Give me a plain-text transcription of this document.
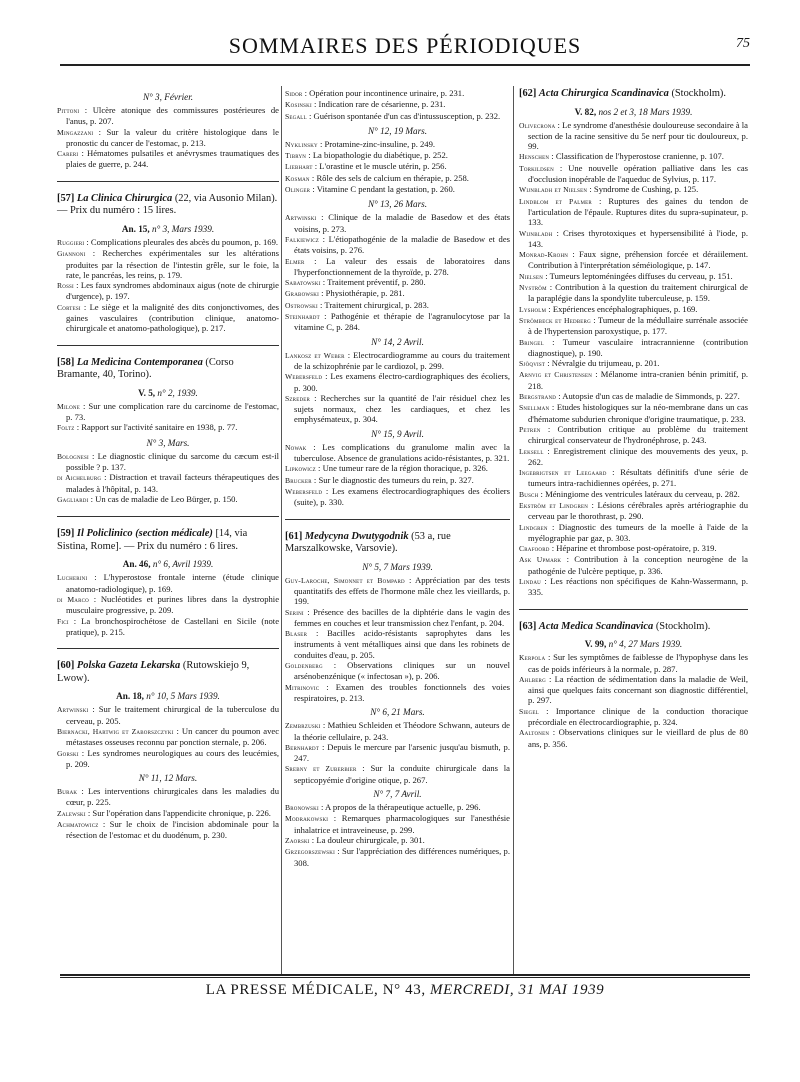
SOMMAIRES DES PÉRIODIQUES	75
N° 3, Février.

Pittoni : Ulcère atonique des commissures postérieures de l'anus, p. 207.

Mingazzani : Sur la valeur du critère histologique dans le pronostic du cancer de l'estomac, p. 213.

Careri : Hématomes pulsatiles et anévrysmes traumatiques des plaies de guerre, p. 244.

[57] La Clinica Chirurgica (22, via Ausonio Milan). — Prix du numéro : 15 lires.

An. 15, n° 3, Mars 1939.

Ruggieri : Complications pleurales des abcès du poumon, p. 169.

Giannoni : Recherches expérimentales sur les altérations produites par la résection de l'intestin grêle, sur le foie, la rate, le pancréas, les reins, p. 179.

Rossi : Les faux syndromes abdominaux aigus (note de chirurgie d'urgence), p. 197.

Cortesi : Le siège et la malignité des dits conjonctivomes, des gaines vasculaires (contribution clinique, anatomo-chirurgicale et anatomo-pathologique), p. 217.

[58] La Medicina Contemporanea (Corso Bramante, 40, Torino).

V. 5, n° 2, 1939.

Milone : Sur une complication rare du carcinome de l'estomac, p. 73.

Foltz : Rapport sur l'activité sanitaire en 1938, p. 77.

N° 3, Mars.

Bolognesi : Le diagnostic clinique du sarcome du cæcum est-il possible ? p. 137.

di Aichelburg : Distraction et travail facteurs thérapeutiques des malades à l'hôpital, p. 143.

Gagliardi : Un cas de maladie de Leo Bürger, p. 150.

[59] Il Policlinico (section médicale) [14, via Sistina, Rome]. — Prix du numéro : 6 lires.

An. 46, n° 6, Avril 1939.

Lucherini : L'hyperostose frontale interne (étude clinique anatomo-radiologique), p. 169.

di Marco : Nucléotides et purines libres dans la dystrophie musculaire progressive, p. 209.

Fici : La bronchospirochétose de Castellani en Sicile (note pratique), p. 215.

[60] Polska Gazeta Lekarska (Rutowskiejo 9, Lwow).

An. 18, n° 10, 5 Mars 1939.

Artwinski : Sur le traitement chirurgical de la tuberculose du cerveau, p. 205.

Biernacki, Hartwig et Zaborszczyki : Un cancer du poumon avec métastases osseuses reconnu par ponction sternale, p. 206.

Gorski : Les syndromes neurologiques au cours des leucémies, p. 209.

N° 11, 12 Mars.

Burak : Les interventions chirurgicales dans les maladies du cœur, p. 225.

Zalewski : Sur l'opération dans l'appendicite chronique, p. 226.

Achmatowicz : Sur le choix de l'incision abdominale pour la résection de l'estomac et du duodénum, p. 230.

Sidor : Opération pour incontinence urinaire, p. 231.

Kosinski : Indication rare de césarienne, p. 231.

Segall : Guérison spontanée d'un cas d'intussusception, p. 232.

N° 12, 19 Mars.

Nyklinsky : Protamine-zinc-insuline, p. 249.

Tibryn : La biopathologie du diabétique, p. 252.

Liebhart : L'orastine et le muscle utérin, p. 256.

Kosman : Rôle des sels de calcium en thérapie, p. 258.

Olinger : Vitamine C pendant la gestation, p. 260.

N° 13, 26 Mars.

Artwinski : Clinique de la maladie de Basedow et des états voisins, p. 273.

Falkiewicz : L'étiopathogénie de la maladie de Basedow et des états voisins, p. 276.

Elmer : La valeur des essais de laboratoires dans l'hyperfonctionnement de la thyroïde, p. 278.

Sabatowski : Traitement préventif, p. 280.

Grabowski : Physiothérapie, p. 281.

Ostrowski : Traitement chirurgical, p. 283.

Steinhardt : Pathogénie et thérapie de l'agranulocytose par la vitamine C, p. 284.

N° 14, 2 Avril.

Lankosz et Weber : Electrocardiogramme au cours du traitement de la schizophrénie par le cardiozol, p. 299.

Webersfeld : Les examens électro-cardiographiques des écoliers, p. 300.

Szreder : Recherches sur la quantité de l'air résiduel chez les sujets normaux, chez les cardiaques, et chez les emphysémateux, p. 304.

N° 15, 9 Avril.

Nowak : Les complications du granulome malin avec la tuberculose. Absence de granulations acido-résistantes, p. 321.

Lipkowicz : Une tumeur rare de la région thoracique, p. 326.

Brucker : Sur le diagnostic des tumeurs du rein, p. 327.

Webersfeld : Les examens électrocardiographiques des écoliers (suite), p. 330.

[61] Medycyna Dwutygodnik (53 a, rue Marszalkowske, Varsovie).

N° 5, 7 Mars 1939.

Guy-Laroche, Simonnet et Bompard : Appréciation par des tests quantitatifs des effets de l'hormone mâle chez les vieillards, p. 199.

Serini : Présence des bacilles de la diphtérie dans le vagin des femmes en couches et leur transmission chez l'enfant, p. 204.

Blaser : Bacilles acido-résistants saprophytes dans les instruments à vent métalliques ainsi que dans les robinets de conduites d'eau, p. 205.

Goldenberg : Observations cliniques sur un nouvel arsénobenzénique (« infectosan »), p. 206.

Mitrinovic : Examen des troubles fonctionnels des voies respiratoires, p. 213.

N° 6, 21 Mars.

Zembrzuski : Mathieu Schleiden et Théodore Schwann, auteurs de la théorie cellulaire, p. 243.

Bernhardt : Depuis le mercure par l'arsenic jusqu'au bismuth, p. 247.

Srebny et Zuberbier : Sur la conduite chirurgicale dans la septicopyémie d'origine otique, p. 267.

N° 7, 7 Avril.

Bronowski : A propos de la thérapeutique actuelle, p. 296.

Modrakowski : Remarques pharmacologiques sur l'anesthésie inhalatrice et intraveineuse, p. 299.

Zaorski : La douleur chirurgicale, p. 301.

Grzegorszewski : Sur l'appréciation des différences numériques, p. 308.

[62] Acta Chirurgica Scandinavica (Stockholm).

V. 82, nos 2 et 3, 18 Mars 1939.

Olivecrona : Le syndrome d'anesthésie douloureuse secondaire à la section de la racine sensitive du 5e nerf pour tic douloureux, p. 99.

Henschen : Classification de l'hyperostose cranienne, p. 107.

Torkildsen : Une nouvelle opération palliative dans les cas d'occlusion inopérable de l'aqueduc de Sylvius, p. 117.

Wijnbladh et Nielsen : Syndrome de Cushing, p. 125.

Lindblom et Palmer : Ruptures des gaines du tendon de l'articulation de l'épaule. Ruptures dites du supra-supinateur, p. 133.

Wijnbladh : Crises thyrotoxiques et hypersensibilité à l'iode, p. 143.

Monrad-Krohn : Faux signe, préhension forcée et déraiilement. Contribution à l'interprétation séméiologique, p. 147.

Nielsen : Tumeurs leptoméningées diffuses du cerveau, p. 151.

Nyström : Contribution à la question du traitement chirurgical de la paraplégie dans la spondylite tuberculeuse, p. 159.

Lysholm : Expériences encéphalographiques, p. 169.

Strömbeck et Hedberg : Tumeur de la médullaire surrénale associée à de l'hypertension paroxystique, p. 177.

Bringel : Tumeur vasculaire intracrannienne (contribution diagnostique), p. 190.

Sjöqvist : Névralgie du trijumeau, p. 201.

Arnvig et Christensen : Mélanome intra-cranien bénin primitif, p. 218.

Bergstrand : Autopsie d'un cas de maladie de Simmonds, p. 227.

Snellman : Etudes histologiques sur la néo-membrane dans un cas d'hématome subdurien chronique d'origine traumatique, p. 233.

Petren : Contribution critique au problème du traitement chirurgical conservateur de l'hydronéphrose, p. 243.

Leksell : Enregistrement clinique des mouvements des yeux, p. 262.

Ingebrigtsen et Leegaard : Résultats définitifs d'une série de tumeurs intra-rachidiennes opérées, p. 271.

Busch : Méningiome des ventricules latéraux du cerveau, p. 282.

Ekström et Lindgren : Lésions cérébrales après artériographie du cerveau par le thorothrast, p. 290.

Lindgren : Diagnostic des tumeurs de la moelle à l'aide de la myélographie par gaz, p. 303.

Crafoord : Héparine et thrombose post-opératoire, p. 319.

Ask Upmark : Contribution à la conception neurogène de la pathogénie de l'ulcère peptique, p. 336.

Lindau : Les réactions non spécifiques de Kahn-Wassermann, p. 335.

[63] Acta Medica Scandinavica (Stockholm).

V. 99, n° 4, 27 Mars 1939.

Kerpola : Sur les symptômes de faiblesse de l'hypophyse dans les cas de poids inférieurs à la normale, p. 287.

Ahlberg : La réaction de sédimentation dans la maladie de Weil, ainsi que quelques faits concernant son diagnostic différentiel, p. 297.

Siegel : Importance clinique de la conduction thoracique précordiale en électrocardiographie, p. 324.

Aaltonen : Observations cliniques sur le vieillard de plus de 80 ans, p. 356.

LA PRESSE MÉDICALE, N° 43, MERCREDI, 31 MAI 1939
